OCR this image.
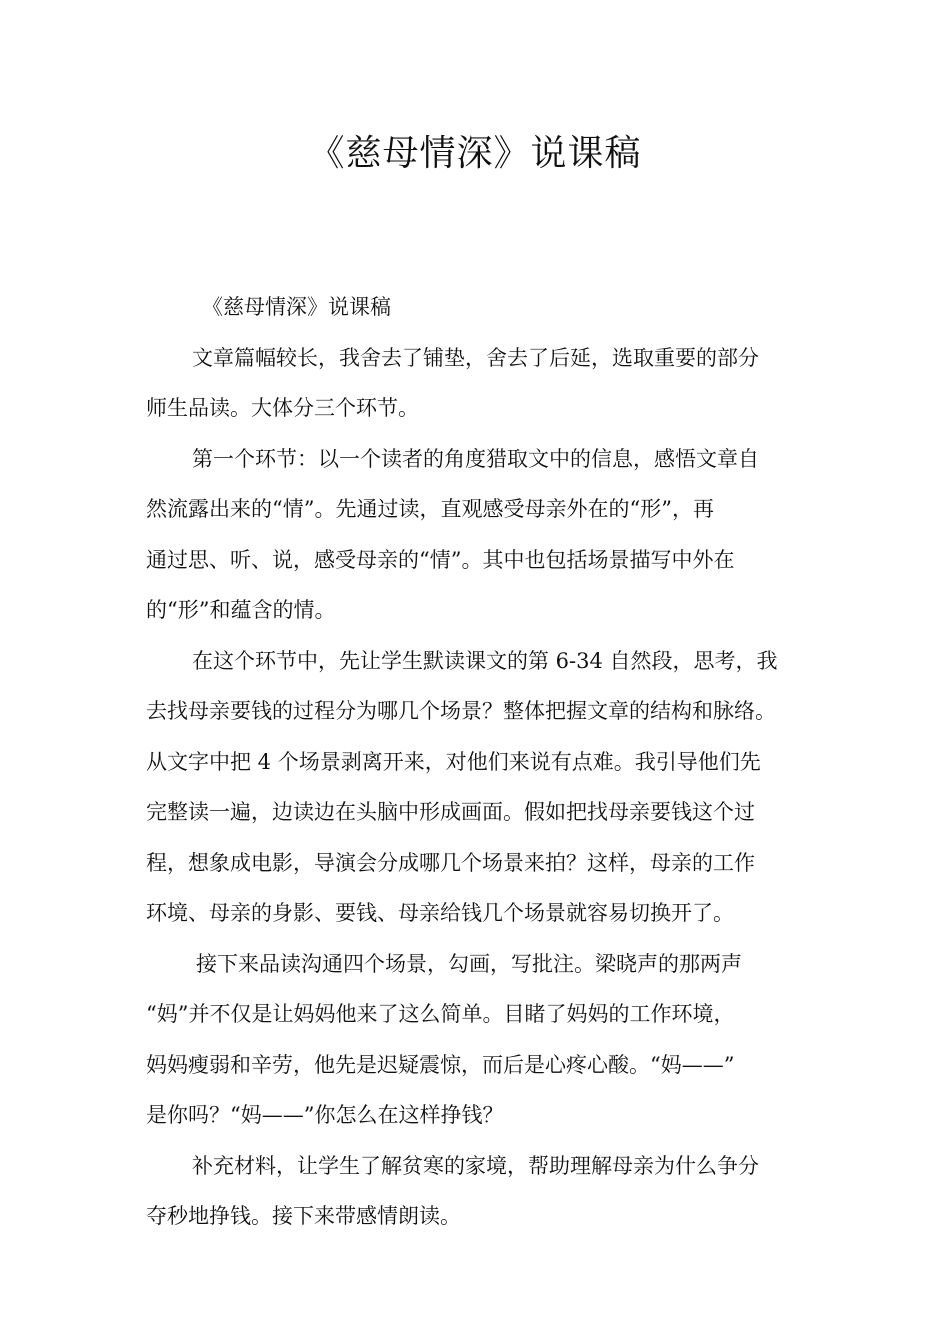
《慈母情深》说课稿

《慈母情深》说课稿

文章篇幅较长，我舍去了铺垫，舍去了后延，选取重要的部分
师生品读。大体分三个环节。

第一个环节：以一个读者的角度猎取文中的信息，感悟文章自
然流露出来的“情”。先通过读，直观感受母亲外在的“形”，再
通过思、听、说，感受母亲的“情”。其中也包括场景描写中外在
的“形”和蕴含的情。

在这个环节中，先让学生默读课文的第 6-34 自然段，思考，我
去找母亲要钱的过程分为哪几个场景？整体把握文章的结构和脉络。
从文字中把 4 个场景剥离开来，对他们来说有点难。我引导他们先
完整读一遍，边读边在头脑中形成画面。假如把找母亲要钱这个过
程，想象成电影，导演会分成哪几个场景来拍？这样，母亲的工作
环境、母亲的身影、要钱、母亲给钱几个场景就容易切换开了。

接下来品读沟通四个场景，勾画，写批注。梁晓声的那两声
“妈”并不仅是让妈妈他来了这么简单。目睹了妈妈的工作环境，
妈妈瘦弱和辛劳，他先是迟疑震惊，而后是心疼心酸。“妈——”
是你吗？“妈——”你怎么在这样挣钱？

补充材料，让学生了解贫寒的家境，帮助理解母亲为什么争分
夺秒地挣钱。接下来带感情朗读。
